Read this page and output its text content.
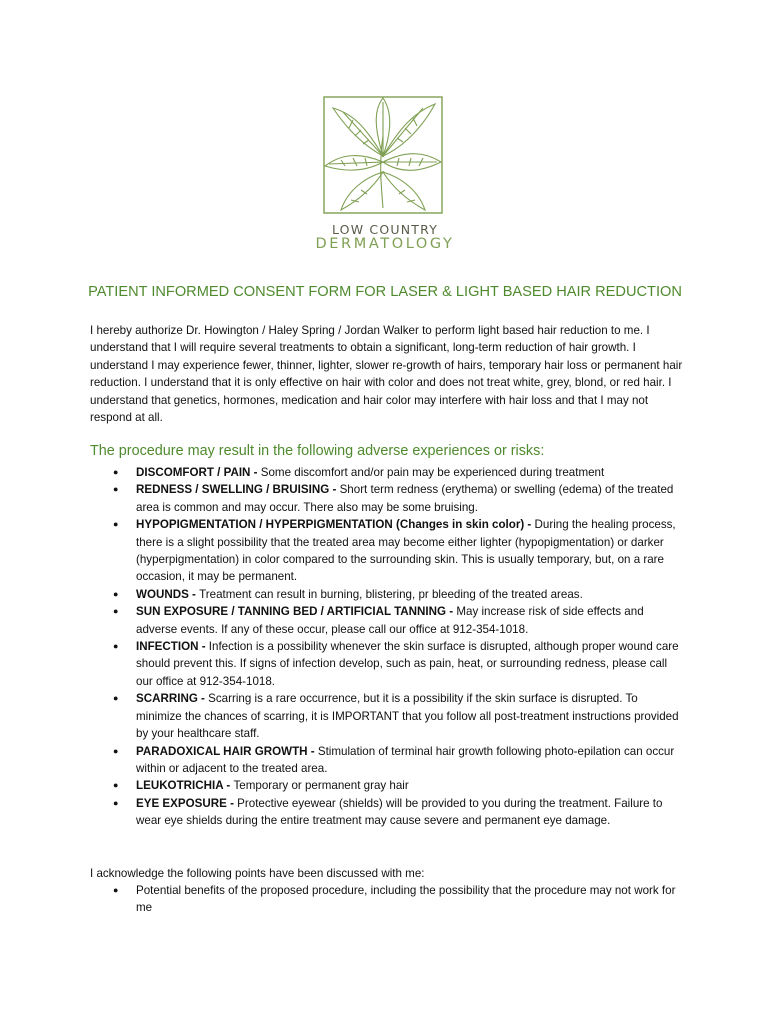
LOW COUNTRY
DERMATOLOGY
PATIENT INFORMED CONSENT FORM FOR LASER & LIGHT BASED HAIR REDUCTION

I hereby authorize Dr. Howington / Haley Spring / Jordan Walker to perform light based hair reduction to me. I understand that I will require several treatments to obtain a significant, long-term reduction of hair growth. I understand I may experience fewer, thinner, lighter, slower re-growth of hairs, temporary hair loss or permanent hair reduction. I understand that it is only effective on hair with color and does not treat white, grey, blond, or red hair. I understand that genetics, hormones, medication and hair color may interfere with hair loss and that I may not respond at all.

The procedure may result in the following adverse experiences or risks:
● DISCOMFORT / PAIN - Some discomfort and/or pain may be experienced during treatment
● REDNESS / SWELLING / BRUISING - Short term redness (erythema) or swelling (edema) of the treated area is common and may occur. There also may be some bruising.
● HYPOPIGMENTATION / HYPERPIGMENTATION (Changes in skin color) - During the healing process, there is a slight possibility that the treated area may become either lighter (hypopigmentation) or darker (hyperpigmentation) in color compared to the surrounding skin. This is usually temporary, but, on a rare occasion, it may be permanent.
● WOUNDS - Treatment can result in burning, blistering, pr bleeding of the treated areas.
● SUN EXPOSURE / TANNING BED / ARTIFICIAL TANNING - May increase risk of side effects and adverse events. If any of these occur, please call our office at 912-354-1018.
● INFECTION - Infection is a possibility whenever the skin surface is disrupted, although proper wound care should prevent this. If signs of infection develop, such as pain, heat, or surrounding redness, please call our office at 912-354-1018.
● SCARRING - Scarring is a rare occurrence, but it is a possibility if the skin surface is disrupted. To minimize the chances of scarring, it is IMPORTANT that you follow all post-treatment instructions provided by your healthcare staff.
● PARADOXICAL HAIR GROWTH - Stimulation of terminal hair growth following photo-epilation can occur within or adjacent to the treated area.
● LEUKOTRICHIA - Temporary or permanent gray hair
● EYE EXPOSURE - Protective eyewear (shields) will be provided to you during the treatment. Failure to wear eye shields during the entire treatment may cause severe and permanent eye damage.
I acknowledge the following points have been discussed with me:
● Potential benefits of the proposed procedure, including the possibility that the procedure may not work for me
